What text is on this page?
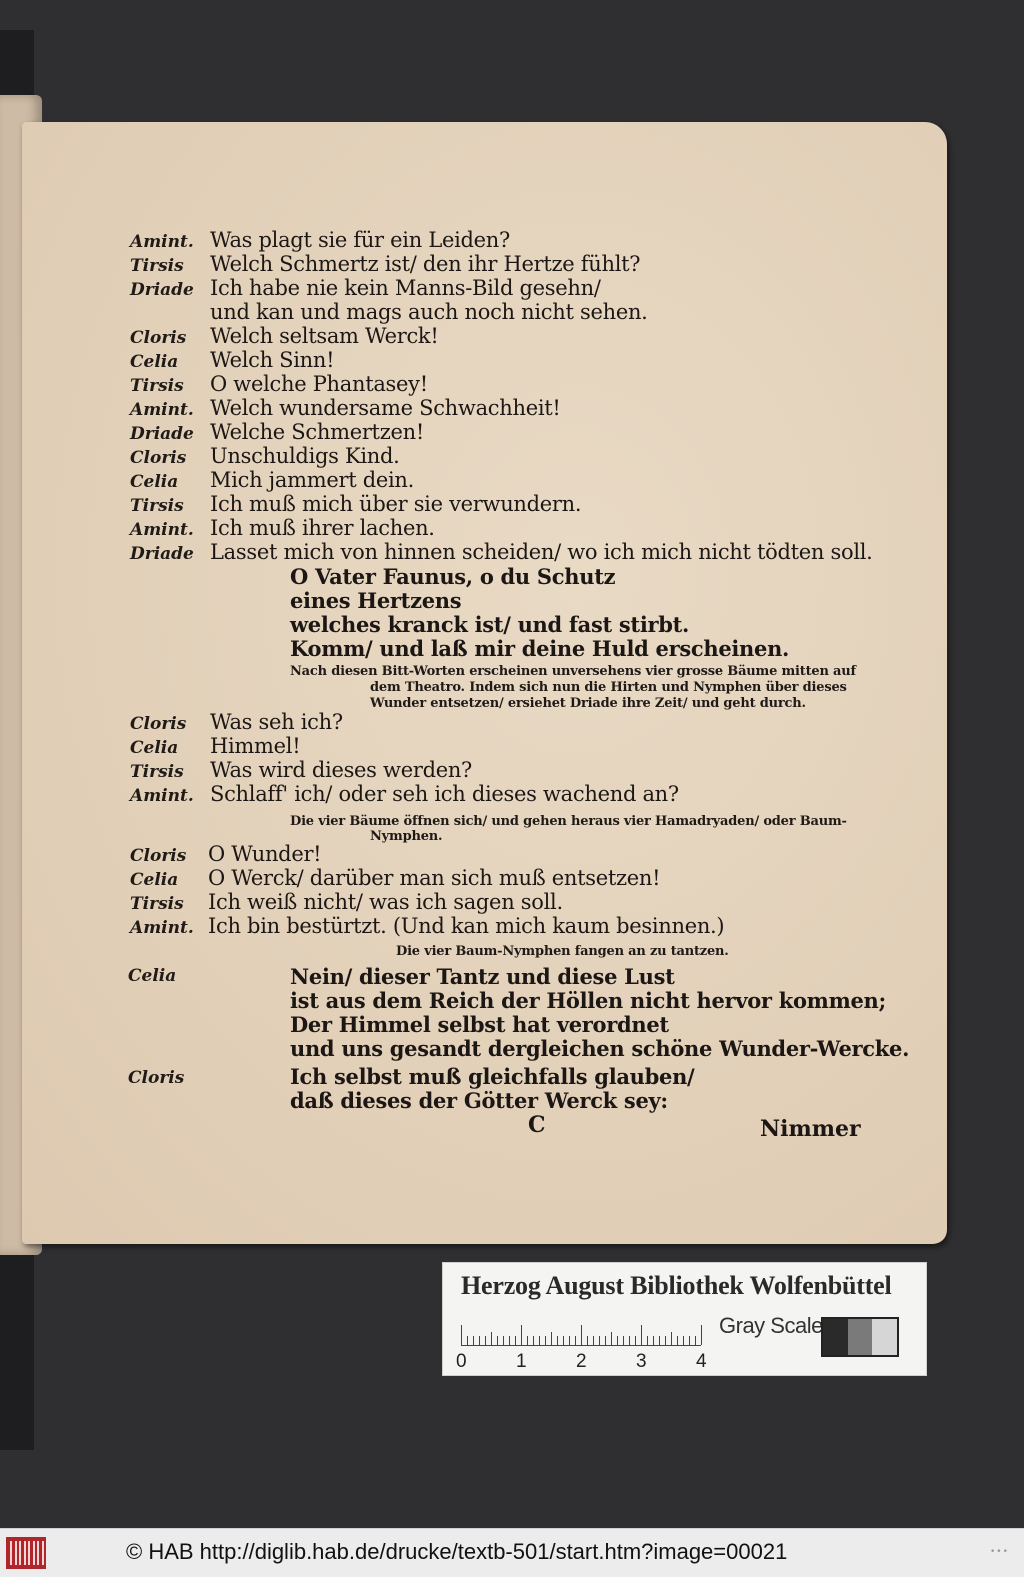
Amint. Was plagt sie für ein Leiden?
Tirsis Welch Schmertz ist/ den ihr Hertze fühlt?
Driade Ich habe nie kein Manns-Bild gesehn/
und kan und mags auch noch nicht sehen.
Cloris Welch seltsam Werck!
Celia Welch Sinn!
Tirsis O welche Phantasey!
Amint. Welch wundersame Schwachheit!
Driade Welche Schmertzen!
Cloris Unschuldigs Kind.
Celia Mich jammert dein.
Tirsis Ich muß mich über sie verwundern.
Amint. Ich muß ihrer lachen.
Driade Lasset mich von hinnen scheiden/ wo ich mich nicht tödten soll.
O Vater Faunus, o du Schutz
eines Hertzens
welches kranck ist/ und fast stirbt.
Komm/ und laß mir deine Huld erscheinen.
Nach diesen Bitt-Worten erscheinen unversehens vier grosse Bäume mitten auf
dem Theatro. Indem sich nun die Hirten und Nymphen über dieses
Wunder entsetzen/ ersiehet Driade ihre Zeit/ und geht durch.
Cloris Was seh ich?
Celia Himmel!
Tirsis Was wird dieses werden?
Amint. Schlaff' ich/ oder seh ich dieses wachend an?
Die vier Bäume öffnen sich/ und gehen heraus vier Hamadryaden/ oder Baum-
Nymphen.
Cloris O Wunder!
Celia O Werck/ darüber man sich muß entsetzen!
Tirsis Ich weiß nicht/ was ich sagen soll.
Amint. Ich bin bestürtzt. (Und kan mich kaum besinnen.)
Die vier Baum-Nymphen fangen an zu tantzen.
Celia	Nein/ dieser Tantz und diese Lust
ist aus dem Reich der Höllen nicht hervor kommen;
Der Himmel selbst hat verordnet
und uns gesandt dergleichen schöne Wunder-Wercke.
Cloris	Ich selbst muß gleichfalls glauben/
daß dieses der Götter Werck sey:
C	Nimmer
Herzog August Bibliothek Wolfenbüttel
0	1	2	3	4
Gray Scale
© HAB http://diglib.hab.de/drucke/textb-501/start.htm?image=00021	•••
